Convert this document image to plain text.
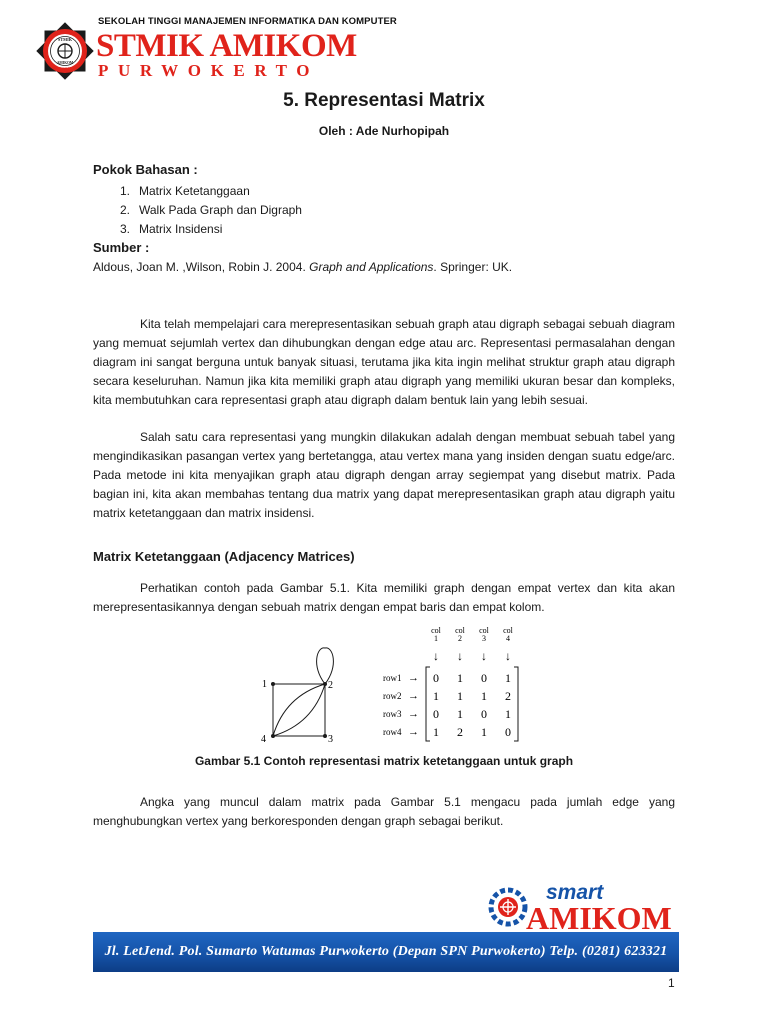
STMIK
AMIKOM
PURWOKERTO
SEKOLAH TINGGI MANAJEMEN INFORMATIKA DAN KOMPUTER
STMIK AMIKOM
PURWOKERTO
5. Representasi Matrix
Oleh : Ade Nurhopipah
Pokok Bahasan :
1. Matrix Ketetanggaan
2. Walk Pada Graph dan Digraph
3. Matrix Insidensi
Sumber :
Aldous, Joan M. ,Wilson, Robin J. 2004. Graph and Applications. Springer: UK.

Kita telah mempelajari cara merepresentasikan sebuah graph atau digraph sebagai sebuah diagram yang memuat sejumlah vertex dan dihubungkan dengan edge atau arc. Representasi permasalahan dengan diagram ini sangat berguna untuk banyak situasi, terutama jika kita ingin melihat struktur graph atau digraph secara keseluruhan. Namun jika kita memiliki graph atau digraph yang memiliki ukuran besar dan kompleks, kita membutuhkan cara representasi graph atau digraph dalam bentuk lain yang lebih sesuai.

Salah satu cara representasi yang mungkin dilakukan adalah dengan membuat sebuah tabel yang mengindikasikan pasangan vertex yang bertetangga, atau vertex mana yang insiden dengan suatu edge/arc. Pada metode ini kita menyajikan graph atau digraph dengan array segiempat yang disebut matrix. Pada bagian ini, kita akan membahas tentang dua matrix yang dapat merepresentasikan graph atau digraph yaitu matrix ketetanggaan dan matrix insidensi.

Matrix Ketetanggaan (Adjacency Matrices)

Perhatikan contoh pada Gambar 5.1. Kita memiliki graph dengan empat vertex dan kita akan merepresentasikannya dengan sebuah matrix dengan empat baris dan empat kolom.

1	2
3
4
col
1
col
2
col
3
col
4
↓ ↓ ↓ ↓
row1
row2
row3
row4
→
→
→
→
0 1 0 1
1 1 1 2
0 1 0 1
1 2 1 0
Gambar 5.1 Contoh representasi matrix ketetanggaan untuk graph

Angka yang muncul dalam matrix pada Gambar 5.1 mengacu pada jumlah edge yang menghubungkan vertex yang berkoresponden dengan graph sebagai berikut.

smart
AMIKOM
Jl. LetJend. Pol. Sumarto Watumas Purwokerto (Depan SPN Purwokerto) Telp. (0281) 623321
1
